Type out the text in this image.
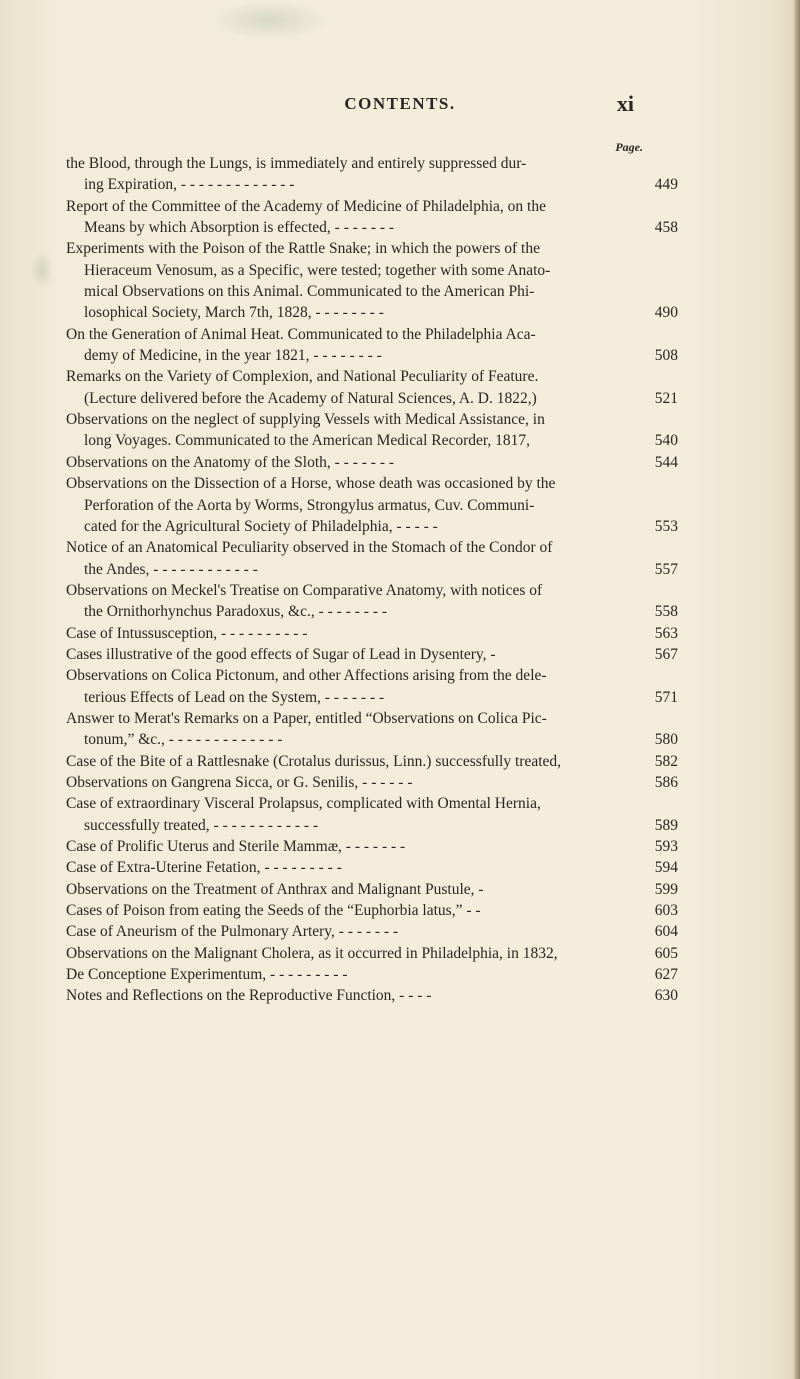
CONTENTS.	xi
Page.
the Blood, through the Lungs, is immediately and entirely suppressed dur-
ing Expiration, - - - - - - - - - - - - -	449
Report of the Committee of the Academy of Medicine of Philadelphia, on the
Means by which Absorption is effected, - - - - - - -	458
Experiments with the Poison of the Rattle Snake; in which the powers of the
Hieraceum Venosum, as a Specific, were tested; together with some Anato-
mical Observations on this Animal. Communicated to the American Phi-
losophical Society, March 7th, 1828, - - - - - - - -	490
On the Generation of Animal Heat. Communicated to the Philadelphia Aca-
demy of Medicine, in the year 1821, - - - - - - - -	508
Remarks on the Variety of Complexion, and National Peculiarity of Feature.
(Lecture delivered before the Academy of Natural Sciences, A. D. 1822,)	521
Observations on the neglect of supplying Vessels with Medical Assistance, in
long Voyages. Communicated to the American Medical Recorder, 1817,	540
Observations on the Anatomy of the Sloth, - - - - - - -	544
Observations on the Dissection of a Horse, whose death was occasioned by the
Perforation of the Aorta by Worms, Strongylus armatus, Cuv. Communi-
cated for the Agricultural Society of Philadelphia, - - - - -	553
Notice of an Anatomical Peculiarity observed in the Stomach of the Condor of
the Andes, - - - - - - - - - - - -	557
Observations on Meckel's Treatise on Comparative Anatomy, with notices of
the Ornithorhynchus Paradoxus, &c., - - - - - - - -	558
Case of Intussusception, - - - - - - - - - -	563
Cases illustrative of the good effects of Sugar of Lead in Dysentery, -	567
Observations on Colica Pictonum, and other Affections arising from the dele-
terious Effects of Lead on the System, - - - - - - -	571
Answer to Merat's Remarks on a Paper, entitled “Observations on Colica Pic-
tonum,” &c., - - - - - - - - - - - - -	580
Case of the Bite of a Rattlesnake (Crotalus durissus, Linn.) successfully treated,	582
Observations on Gangrena Sicca, or G. Senilis, - - - - - -	586
Case of extraordinary Visceral Prolapsus, complicated with Omental Hernia,
successfully treated, - - - - - - - - - - - -	589
Case of Prolific Uterus and Sterile Mammæ, - - - - - - -	593
Case of Extra-Uterine Fetation, - - - - - - - - -	594
Observations on the Treatment of Anthrax and Malignant Pustule, -	599
Cases of Poison from eating the Seeds of the “Euphorbia latus,” - -	603
Case of Aneurism of the Pulmonary Artery, - - - - - - -	604
Observations on the Malignant Cholera, as it occurred in Philadelphia, in 1832,	605
De Conceptione Experimentum, - - - - - - - - -	627
Notes and Reflections on the Reproductive Function, - - - -	630
